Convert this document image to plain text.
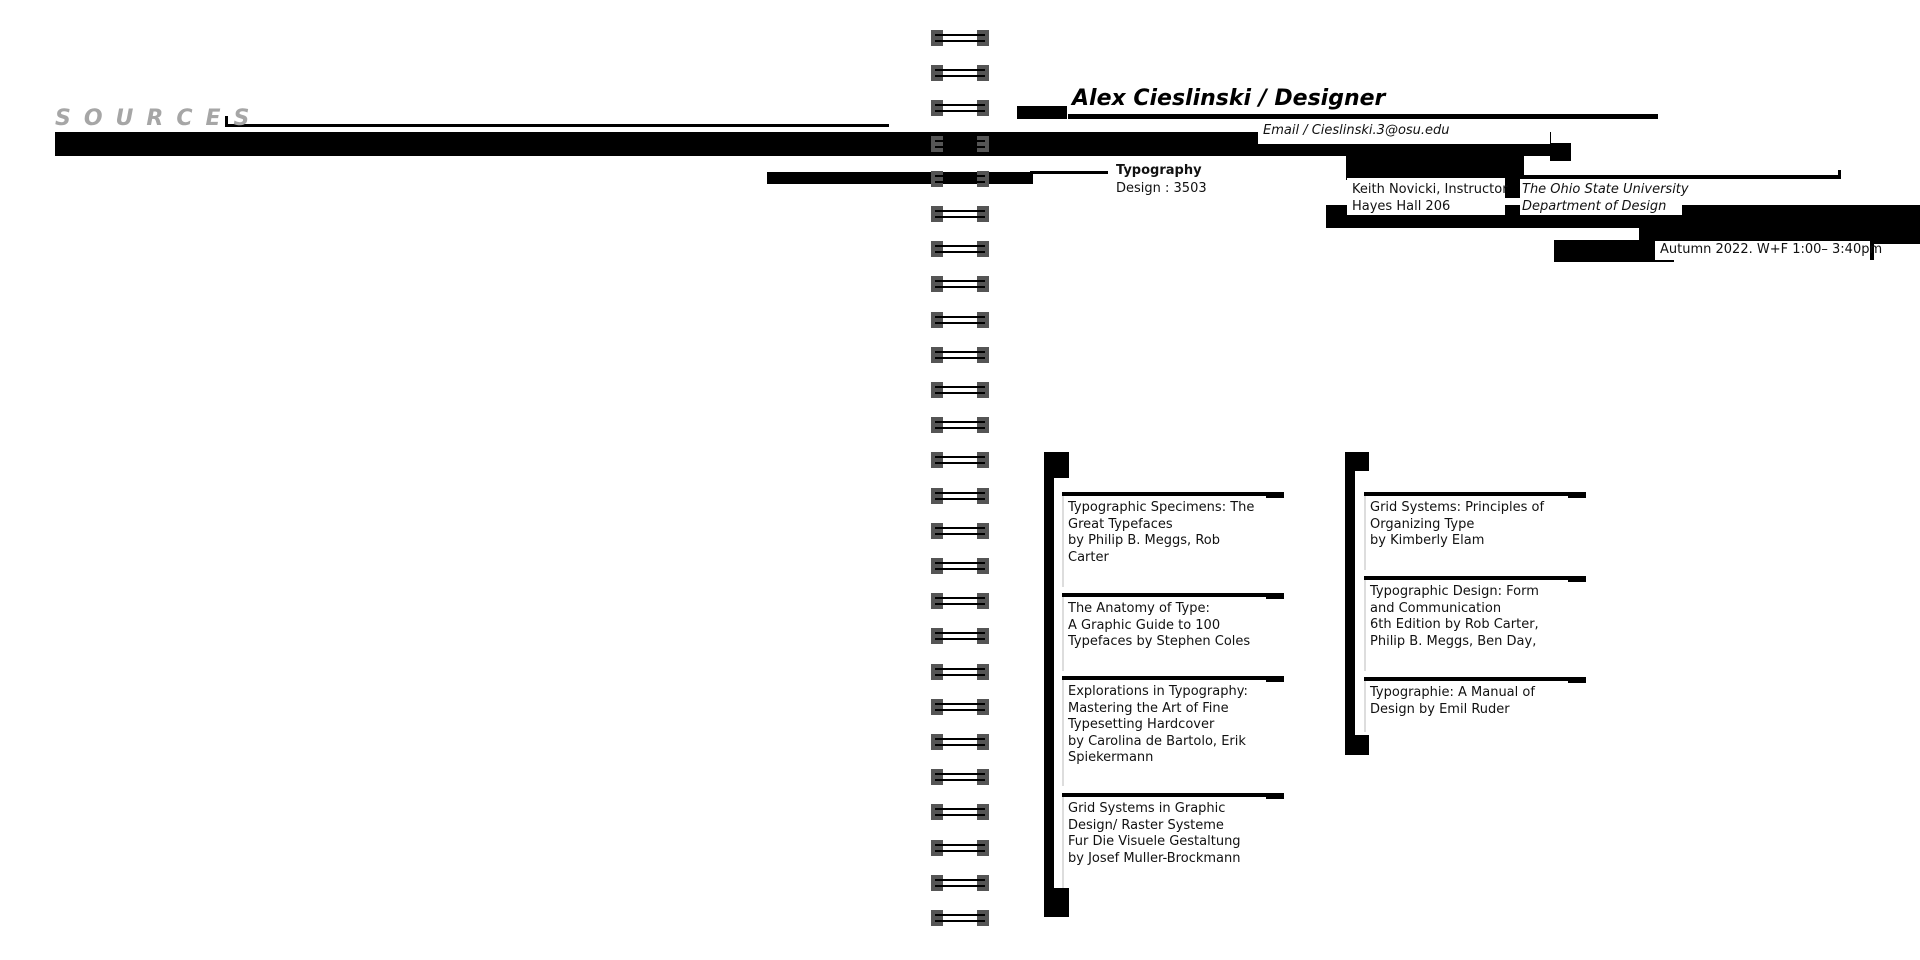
SOURCES
Alex Cieslinski / Designer
Email / Cieslinski.3@osu.edu
Typography
Design : 3503	Keith Novicki, Instructor
Hayes Hall 206
The Ohio State University
Department of Design
Autumn 2022. W+F 1:00– 3:40pm
Typographic Specimens: The
Great Typefaces
by Philip B. Meggs, Rob
Carter
The Anatomy of Type:
A Graphic Guide to 100
Typefaces by Stephen Coles
Explorations in Typography:
Mastering the Art of Fine
Typesetting Hardcover
by Carolina de Bartolo, Erik
Spiekermann
Grid Systems in Graphic
Design/ Raster Systeme
Fur Die Visuele Gestaltung
by Josef Muller-Brockmann
Grid Systems: Principles of
Organizing Type
by Kimberly Elam
Typographic Design: Form
and Communication
6th Edition by Rob Carter,
Philip B. Meggs, Ben Day,
Typographie: A Manual of
Design by Emil Ruder
